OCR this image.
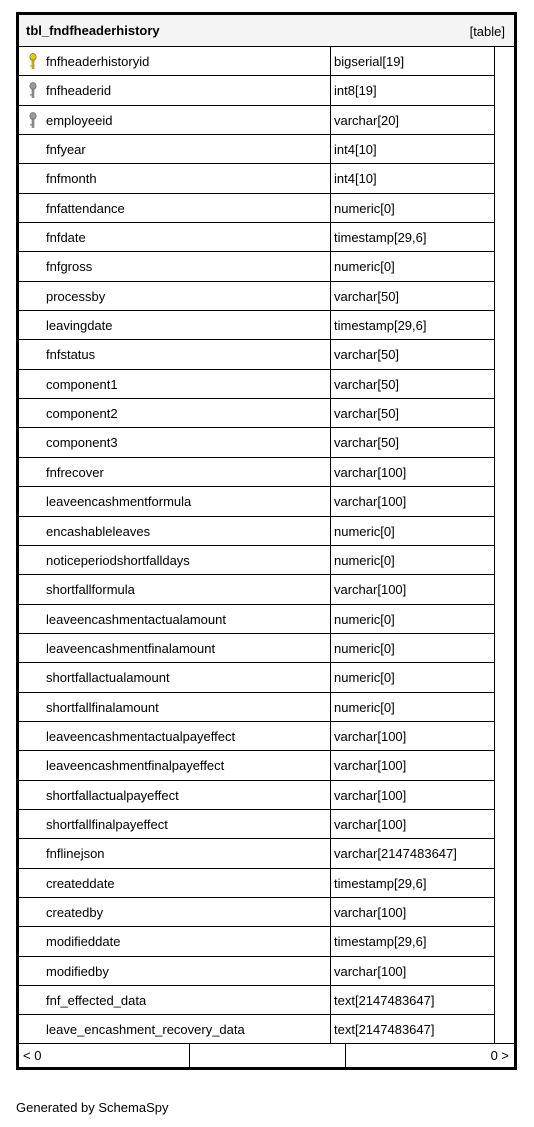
tbl_fndfheaderhistory	[table]
fnfheaderhistoryid	bigserial[19]
fnfheaderid	int8[19]
employeeid	varchar[20]
fnfyear	int4[10]
fnfmonth	int4[10]
fnfattendance	numeric[0]
fnfdate	timestamp[29,6]
fnfgross	numeric[0]
processby	varchar[50]
leavingdate	timestamp[29,6]
fnfstatus	varchar[50]
component1	varchar[50]
component2	varchar[50]
component3	varchar[50]
fnfrecover	varchar[100]
leaveencashmentformula	varchar[100]
encashableleaves	numeric[0]
noticeperiodshortfalldays	numeric[0]
shortfallformula	varchar[100]
leaveencashmentactualamount	numeric[0]
leaveencashmentfinalamount	numeric[0]
shortfallactualamount	numeric[0]
shortfallfinalamount	numeric[0]
leaveencashmentactualpayeffect	varchar[100]
leaveencashmentfinalpayeffect	varchar[100]
shortfallactualpayeffect	varchar[100]
shortfallfinalpayeffect	varchar[100]
fnflinejson	varchar[2147483647]
createddate	timestamp[29,6]
createdby	varchar[100]
modifieddate	timestamp[29,6]
modifiedby	varchar[100]
fnf_effected_data	text[2147483647]
leave_encashment_recovery_data	text[2147483647]
< 0	0 >
Generated by SchemaSpy
